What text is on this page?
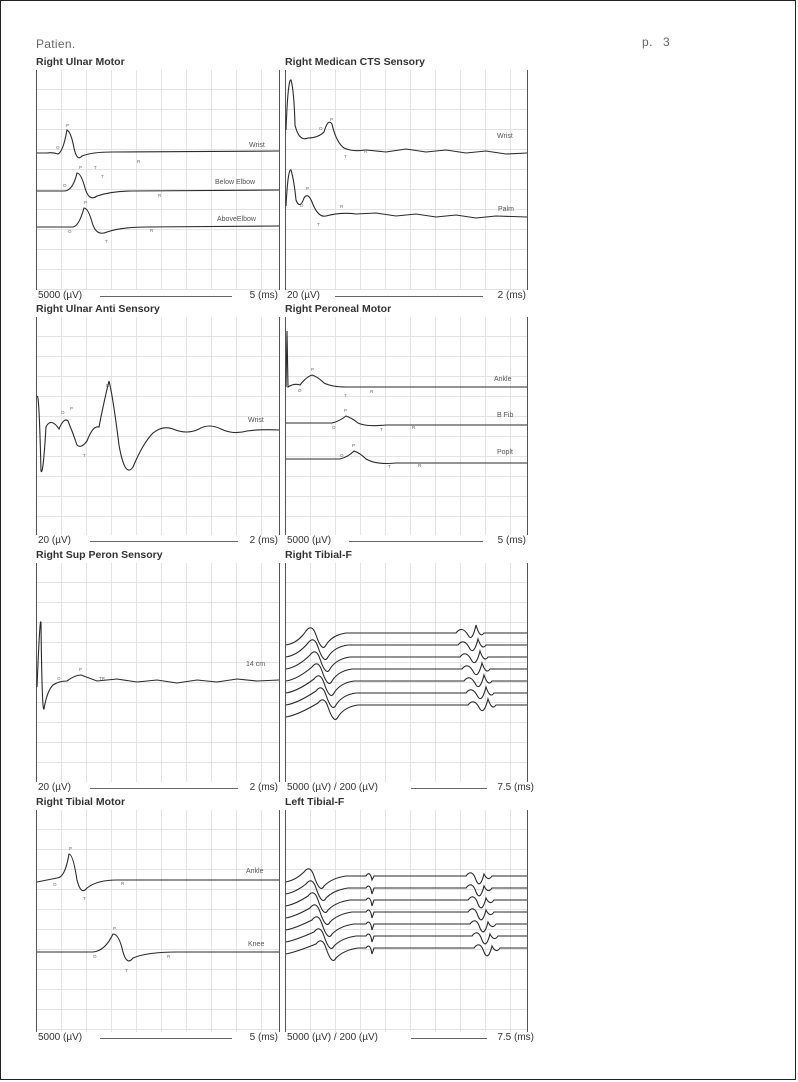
Patien.	p. 3
Right Ulnar Motor
Wrist
O
P
T
R
Below Elbow
O
P
T
R
AboveElbow
O
P
T
R
5000 (µV)	5 (ms)
Right Medican CTS Sensory
Wrist
O
P
T
R
Palm
O
P
T
R
20 (µV)	2 (ms)
Right Ulnar Anti Sensory
Wrist
O
P
T
R
20 (µV)	2 (ms)
Right Peroneal Motor
Ankle
O
P
T
R
B Fib
O
P
T	R
Poplt
O
P
T	R
5000 (µV)	5 (ms)
Right Sup Peron Sensory
14 cm
O
P
TR
20 (µV)	2 (ms)
Right Tibial-F
5000 (µV) / 200 (µV)	7.5 (ms)
Right Tibial Motor
Ankle
O
P
T
R
Knee
O
P
T
R
5000 (µV)	5 (ms)
Left Tibial-F
5000 (µV) / 200 (µV)	7.5 (ms)
